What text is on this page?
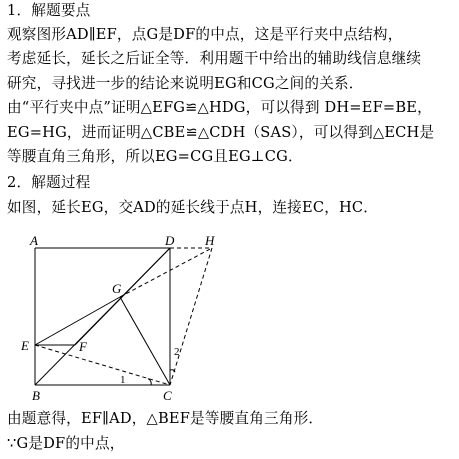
1．解题要点
观察图形AD∥EF，点G是DF的中点，这是平行夹中点结构，
考虑延长，延长之后证全等．利用题干中给出的辅助线信息继续
研究，寻找进一步的结论来说明EG和CG之间的关系．
由“平行夹中点”证明△EFG≌△HDG，可以得到 DH=EF=BE，
EG=HG，进而证明△CBE≌△CDH（SAS），可以得到△ECH是
等腰直角三角形，所以EG=CG且EG⊥CG．
2．解题过程
如图，延长EG，交AD的延长线于点H，连接EC，HC．
A	D H
G
E	F
B	C
1
2
由题意得，EF∥AD，△BEF是等腰直角三角形．
∵G是DF的中点，
